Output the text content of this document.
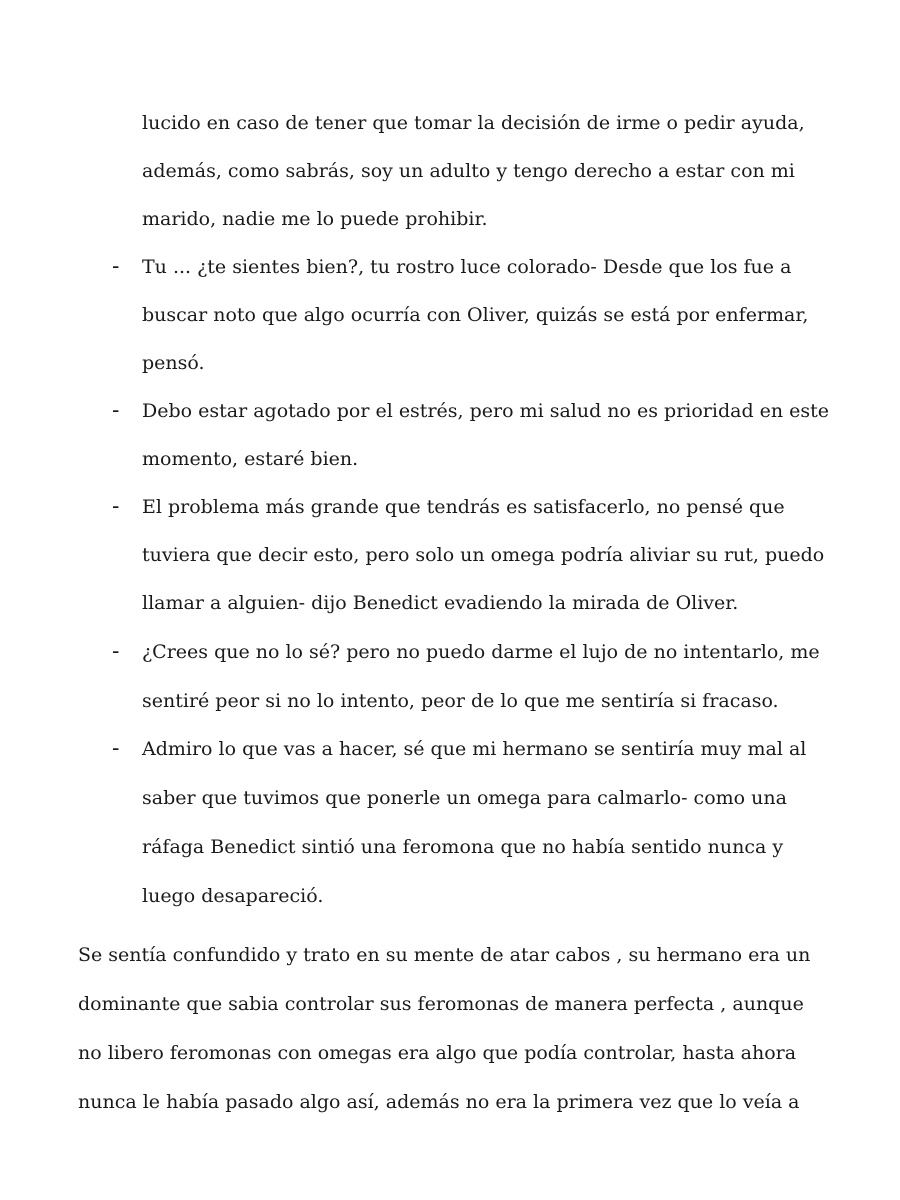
lucido en caso de tener que tomar la decisión de irme o pedir ayuda,
además, como sabrás, soy un adulto y tengo derecho a estar con mi
marido, nadie me lo puede prohibir.
- Tu ... ¿te sientes bien?, tu rostro luce colorado- Desde que los fue a
buscar noto que algo ocurría con Oliver, quizás se está por enfermar,
pensó.
- Debo estar agotado por el estrés, pero mi salud no es prioridad en este
momento, estaré bien.
- El problema más grande que tendrás es satisfacerlo, no pensé que
tuviera que decir esto, pero solo un omega podría aliviar su rut, puedo
llamar a alguien- dijo Benedict evadiendo la mirada de Oliver.
- ¿Crees que no lo sé? pero no puedo darme el lujo de no intentarlo, me
sentiré peor si no lo intento, peor de lo que me sentiría si fracaso.
- Admiro lo que vas a hacer, sé que mi hermano se sentiría muy mal al
saber que tuvimos que ponerle un omega para calmarlo- como una
ráfaga Benedict sintió una feromona que no había sentido nunca y
luego desapareció.
Se sentía confundido y trato en su mente de atar cabos , su hermano era un
dominante que sabia controlar sus feromonas de manera perfecta , aunque
no libero feromonas con omegas era algo que podía controlar, hasta ahora
nunca le había pasado algo así, además no era la primera vez que lo veía a
